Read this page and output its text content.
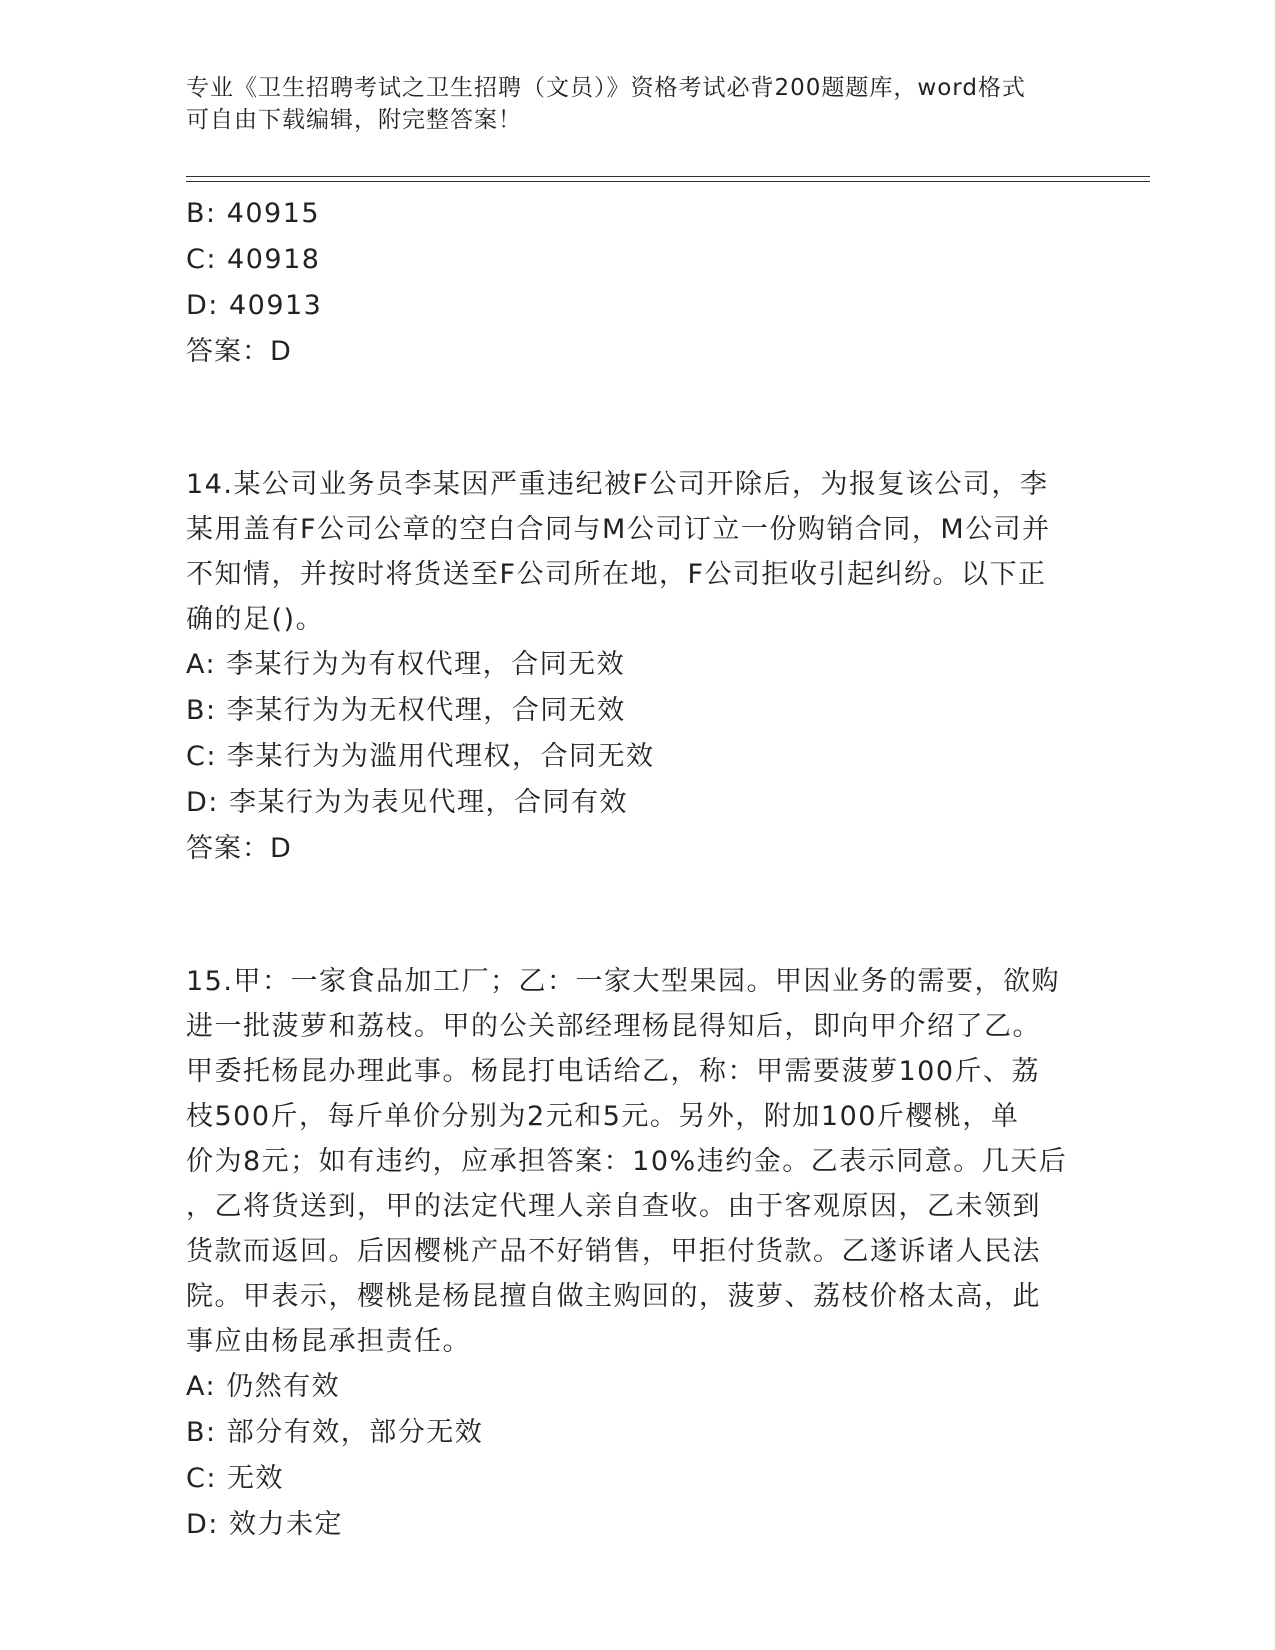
专业《卫生招聘考试之卫生招聘（文员）》资格考试必背200题题库，word格式
可自由下载编辑，附完整答案！
B: 40915
C: 40918
D: 40913
答案：D
14.某公司业务员李某因严重违纪被F公司开除后，为报复该公司，李
某用盖有F公司公章的空白合同与M公司订立一份购销合同，M公司并
不知情，并按时将货送至F公司所在地，F公司拒收引起纠纷。以下正
确的足()。
A: 李某行为为有权代理，合同无效
B: 李某行为为无权代理，合同无效
C: 李某行为为滥用代理权，合同无效
D: 李某行为为表见代理，合同有效
答案：D
15.甲：一家食品加工厂；乙：一家大型果园。甲因业务的需要，欲购
进一批菠萝和荔枝。甲的公关部经理杨昆得知后，即向甲介绍了乙。
甲委托杨昆办理此事。杨昆打电话给乙，称：甲需要菠萝100斤、荔
枝500斤，每斤单价分别为2元和5元。另外，附加100斤樱桃，单
价为8元；如有违约，应承担答案：10%违约金。乙表示同意。几天后
，乙将货送到，甲的法定代理人亲自查收。由于客观原因，乙未领到
货款而返回。后因樱桃产品不好销售，甲拒付货款。乙遂诉诸人民法
院。甲表示，樱桃是杨昆擅自做主购回的，菠萝、荔枝价格太高，此
事应由杨昆承担责任。
A: 仍然有效
B: 部分有效，部分无效
C: 无效
D: 效力未定
